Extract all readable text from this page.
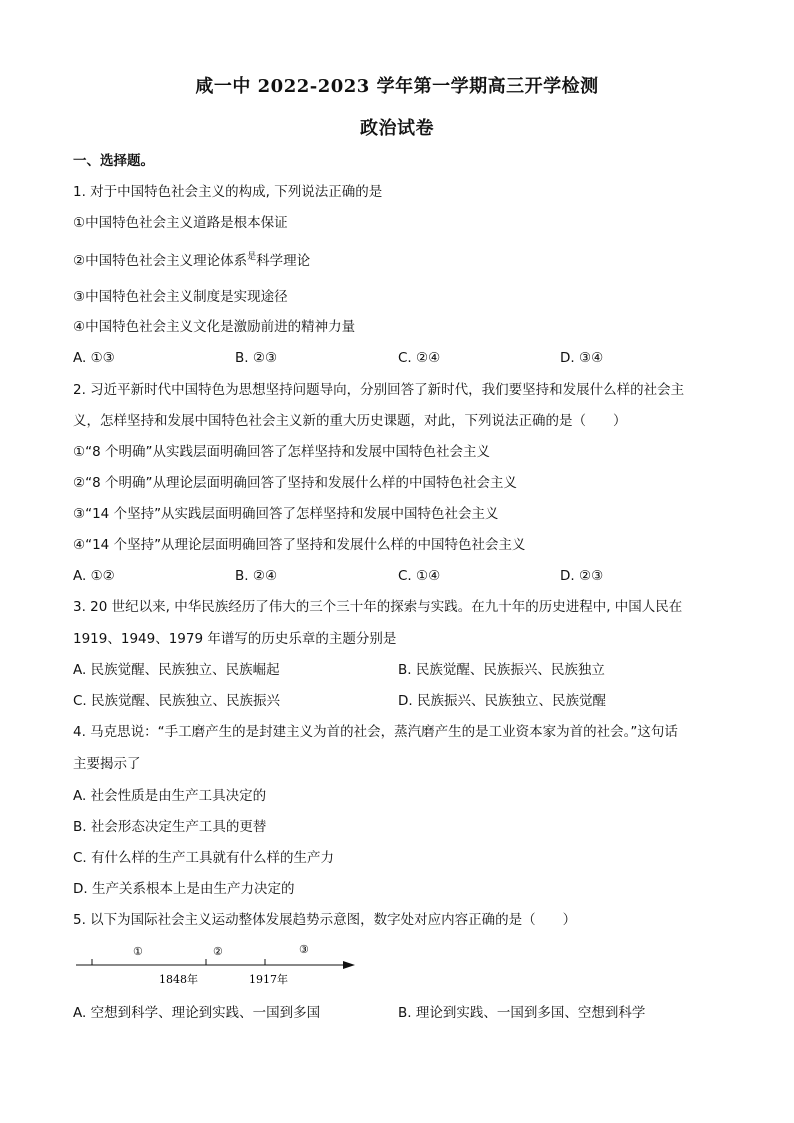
咸一中 2022-2023 学年第一学期高三开学检测
政治试卷
一、选择题。
1. 对于中国特色社会主义的构成, 下列说法正确的是
①中国特色社会主义道路是根本保证
②中国特色社会主义理论体系$^是$科学理论
③中国特色社会主义制度是实现途径
④中国特色社会主义文化是激励前进的精神力量
A. ①③	B. ②③	C. ②④	D. ③④
2. 习近平新时代中国特色为思想坚持问题导向，分别回答了新时代，我们要坚持和发展什么样的社会主
义，怎样坚持和发展中国特色社会主义新的重大历史课题，对此，下列说法正确的是（　　）
①“8 个明确”从实践层面明确回答了怎样坚持和发展中国特色社会主义
②“8 个明确”从理论层面明确回答了坚持和发展什么样的中国特色社会主义
③“14 个坚持”从实践层面明确回答了怎样坚持和发展中国特色社会主义
④“14 个坚持”从理论层面明确回答了坚持和发展什么样的中国特色社会主义
A. ①②	B. ②④	C. ①④	D. ②③
3. 20 世纪以来, 中华民族经历了伟大的三个三十年的探索与实践。在九十年的历史进程中, 中国人民在
1919、1949、1979 年谱写的历史乐章的主题分别是
A. 民族觉醒、民族独立、民族崛起	B. 民族觉醒、民族振兴、民族独立
C. 民族觉醒、民族独立、民族振兴	D. 民族振兴、民族独立、民族觉醒
4. 马克思说：“手工磨产生的是封建主义为首的社会，蒸汽磨产生的是工业资本家为首的社会。”这句话
主要揭示了
A. 社会性质是由生产工具决定的
B. 社会形态决定生产工具的更替
C. 有什么样的生产工具就有什么样的生产力
D. 生产关系根本上是由生产力决定的
5. 以下为国际社会主义运动整体发展趋势示意图，数字处对应内容正确的是（　　）
①	②	③
1848年	1917年
A. 空想到科学、理论到实践、一国到多国	B. 理论到实践、一国到多国、空想到科学
